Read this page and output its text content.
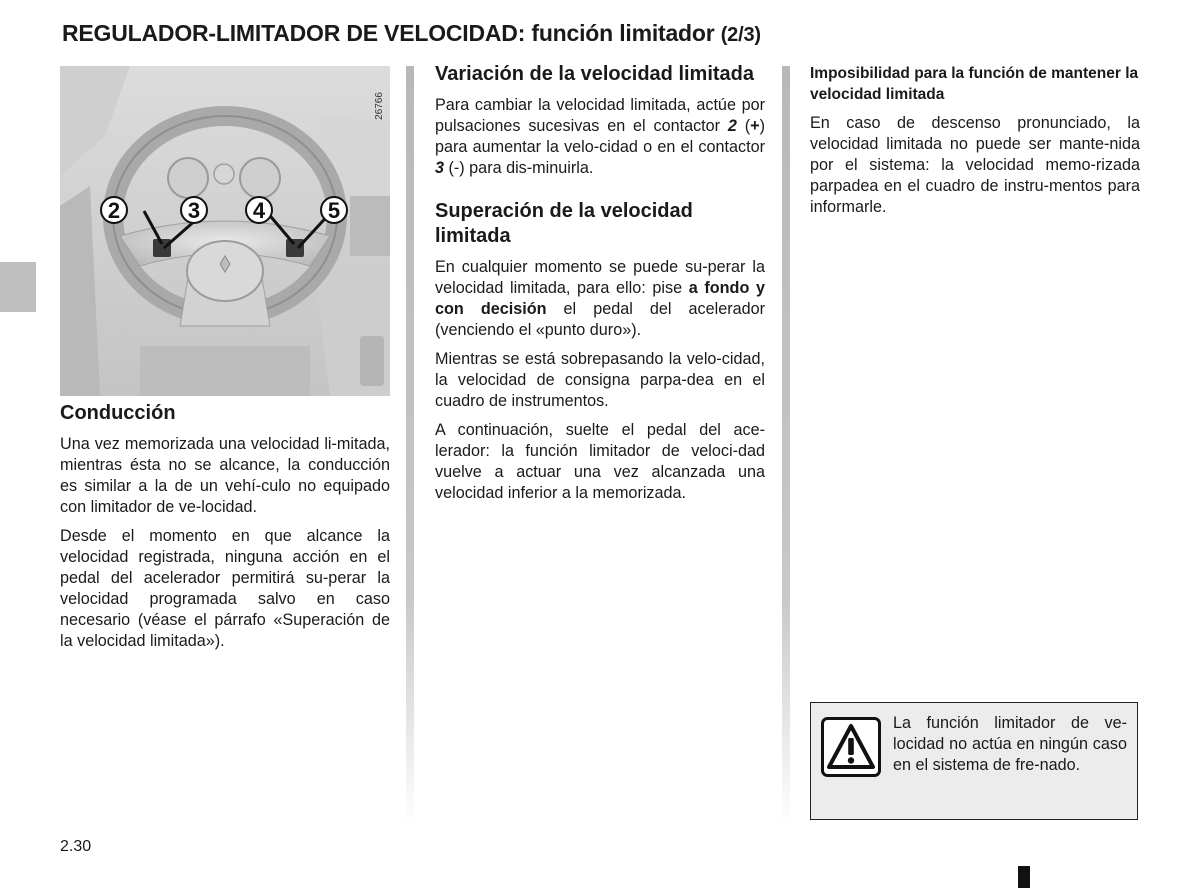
REGULADOR-LIMITADOR DE VELOCIDAD: función limitador (2/3)
2	3 4	5
26766
Conducción

Una vez memorizada una velocidad li-mitada, mientras ésta no se alcance, la conducción es similar a la de un vehí-culo no equipado con limitador de ve-locidad.

Desde el momento en que alcance la velocidad registrada, ninguna acción en el pedal del acelerador permitirá su-perar la velocidad programada salvo en caso necesario (véase el párrafo «Superación de la velocidad limitada»).

Variación de la velocidad limitada

Para cambiar la velocidad limitada, actúe por pulsaciones sucesivas en el contactor 2 (+) para aumentar la velo-cidad o en el contactor 3 (-) para dis-minuirla.

Superación de la velocidad limitada

En cualquier momento se puede su-perar la velocidad limitada, para ello: pise a fondo y con decisión el pedal del acelerador (venciendo el «punto duro»).

Mientras se está sobrepasando la velo-cidad, la velocidad de consigna parpa-dea en el cuadro de instrumentos.

A continuación, suelte el pedal del ace-lerador: la función limitador de veloci-dad vuelve a actuar una vez alcanzada una velocidad inferior a la memorizada.

Imposibilidad para la función de mantener la velocidad limitada

En caso de descenso pronunciado, la velocidad limitada no puede ser mante-nida por el sistema: la velocidad memo-rizada parpadea en el cuadro de instru-mentos para informarle.

La función limitador de ve-locidad no actúa en ningún caso en el sistema de fre-nado.
2.30
